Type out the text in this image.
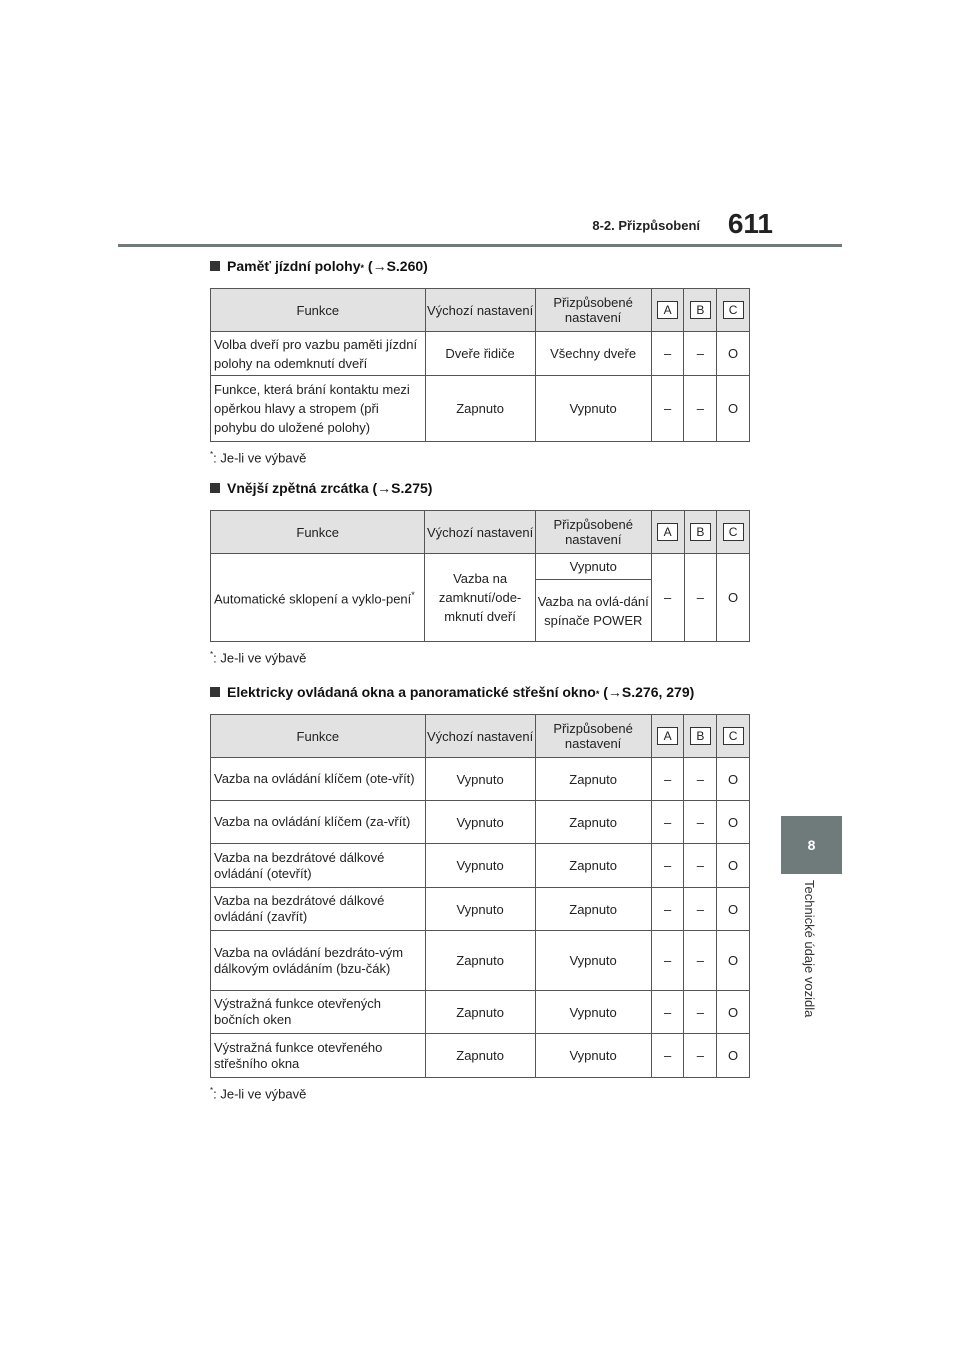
8-2. Přizpůsobení 611
8
Technické údaje vozidla
Paměť jízdní polohy *
(→S.260)
Funkce	Výchozí nastavení	Přizpůsobené nastavení	A	B	C
Volba dveří pro vazbu paměti jízdní polohy na odemknutí dveří	Dveře řidiče	Všechny dveře	–	–	O
Funkce, která brání kontaktu mezi opěrkou hlavy a stropem (při pohybu do uložené polohy)	Zapnuto	Vypnuto	–	–	O
*: Je-li ve výbavě
Vnější zpětná zrcátka
(→S.275)
Funkce	Výchozí nastavení	Přizpůsobené nastavení	A	B	C
Automatické sklopení a vyklo-pení*	Vazba na zamknutí/ode-mknutí dveří	Vypnuto	–	–	O
		Vazba na ovlá-dání spínače POWER			
*: Je-li ve výbavě
Elektricky ovládaná okna a panoramatické střešní okno *
(→S.276, 279)
Funkce	Výchozí nastavení	Přizpůsobené nastavení	A	B	C
Vazba na ovládání klíčem (ote-vřít)	Vypnuto	Zapnuto	–	–	O
Vazba na ovládání klíčem (za-vřít)	Vypnuto	Zapnuto	–	–	O
Vazba na bezdrátové dálkové ovládání (otevřít)	Vypnuto	Zapnuto	–	–	O
Vazba na bezdrátové dálkové ovládání (zavřít)	Vypnuto	Zapnuto	–	–	O
Vazba na ovládání bezdráto-vým dálkovým ovládáním (bzu-čák)	Zapnuto	Vypnuto	–	–	O
Výstražná funkce otevřených bočních oken	Zapnuto	Vypnuto	–	–	O
Výstražná funkce otevřeného střešního okna	Zapnuto	Vypnuto	–	–	O
*: Je-li ve výbavě
